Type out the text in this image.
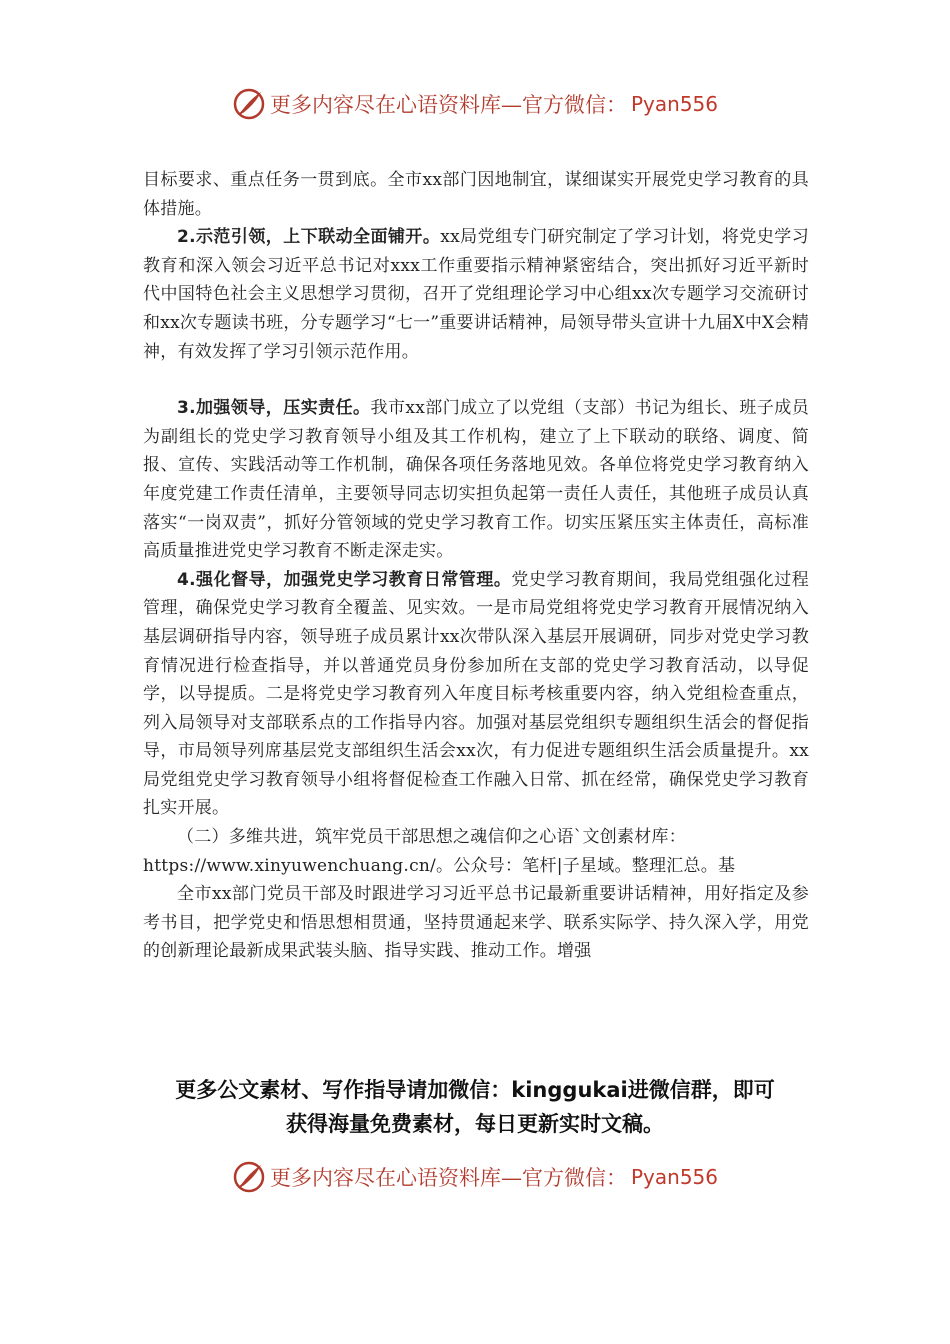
更多内容尽在心语资料库—官方微信： Pyan556

目标要求、重点任务一贯到底。全市xx部门因地制宜，谋细谋实开展党史学习教育的具体措施。

2.示范引领，上下联动全面铺开。xx局党组专门研究制定了学习计划，将党史学习教育和深入领会习近平总书记对xxx工作重要指示精神紧密结合，突出抓好习近平新时代中国特色社会主义思想学习贯彻，召开了党组理论学习中心组xx次专题学习交流研讨和xx次专题读书班，分专题学习“七一”重要讲话精神，局领导带头宣讲十九届X中X会精神，有效发挥了学习引领示范作用。

3.加强领导，压实责任。我市xx部门成立了以党组（支部）书记为组长、班子成员为副组长的党史学习教育领导小组及其工作机构，建立了上下联动的联络、调度、简报、宣传、实践活动等工作机制，确保各项任务落地见效。各单位将党史学习教育纳入年度党建工作责任清单，主要领导同志切实担负起第一责任人责任，其他班子成员认真落实“一岗双责”，抓好分管领域的党史学习教育工作。切实压紧压实主体责任，高标准高质量推进党史学习教育不断走深走实。

4.强化督导，加强党史学习教育日常管理。党史学习教育期间，我局党组强化过程管理，确保党史学习教育全覆盖、见实效。一是市局党组将党史学习教育开展情况纳入基层调研指导内容，领导班子成员累计xx次带队深入基层开展调研，同步对党史学习教育情况进行检查指导，并以普通党员身份参加所在支部的党史学习教育活动，以导促学，以导提质。二是将党史学习教育列入年度目标考核重要内容，纳入党组检查重点，列入局领导对支部联系点的工作指导内容。加强对基层党组织专题组织生活会的督促指导，市局领导列席基层党支部组织生活会xx次，有力促进专题组织生活会质量提升。xx局党组党史学习教育领导小组将督促检查工作融入日常、抓在经常，确保党史学习教育扎实开展。

（二）多维共进，筑牢党员干部思想之魂信仰之心语`文创素材库：

https://www.xinyuwenchuang.cn/。公众号：笔杆|子星域。整理汇总。基

全市xx部门党员干部及时跟进学习习近平总书记最新重要讲话精神，用好指定及参考书目，把学党史和悟思想相贯通，坚持贯通起来学、联系实际学、持久深入学，用党的创新理论最新成果武装头脑、指导实践、推动工作。增强

更多公文素材、写作指导请加微信：kinggukai进微信群，即可
获得海量免费素材，每日更新实时文稿。
更多内容尽在心语资料库—官方微信： Pyan556
